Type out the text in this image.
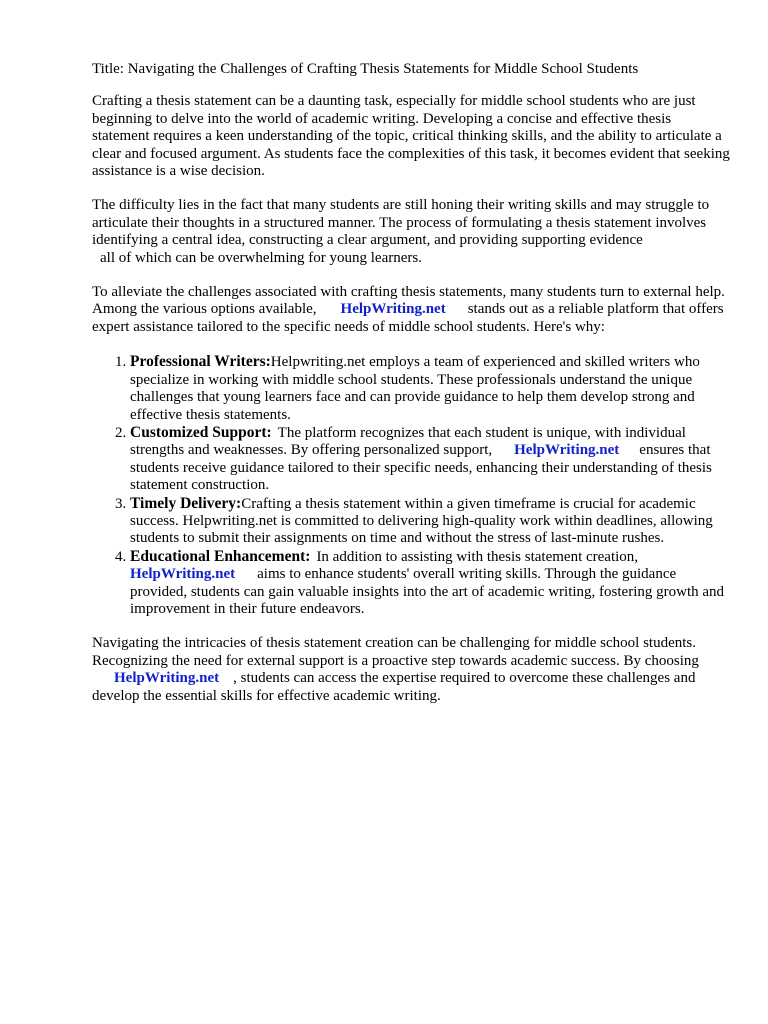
Title: Navigating the Challenges of Crafting Thesis Statements for Middle School Students

Crafting a thesis statement can be a daunting task, especially for middle school students who are just beginning to delve into the world of academic writing. Developing a concise and effective thesis statement requires a keen understanding of the topic, critical thinking skills, and the ability to articulate a clear and focused argument. As students face the complexities of this task, it becomes evident that seeking assistance is a wise decision.

The difficulty lies in the fact that many students are still honing their writing skills and may struggle to articulate their thoughts in a structured manner. The process of formulating a thesis statement involves identifying a central idea, constructing a clear argument, and providing supporting evidence
all of which can be overwhelming for young learners.

To alleviate the challenges associated with crafting thesis statements, many students turn to external help. Among the various options available, HelpWriting.net stands out as a reliable platform that offers expert assistance tailored to the specific needs of middle school students. Here's why:

1. Professional Writers:Helpwriting.net employs a team of experienced and skilled writers who specialize in working with middle school students. These professionals understand the unique challenges that young learners face and can provide guidance to help them develop strong and effective thesis statements.
2. Customized Support: The platform recognizes that each student is unique, with individual strengths and weaknesses. By offering personalized support, HelpWriting.net ensures that students receive guidance tailored to their specific needs, enhancing their understanding of thesis statement construction.
3. Timely Delivery:Crafting a thesis statement within a given timeframe is crucial for academic success. Helpwriting.net is committed to delivering high-quality work within deadlines, allowing students to submit their assignments on time and without the stress of last-minute rushes.
4. Educational Enhancement: In addition to assisting with thesis statement creation,
HelpWriting.net aims to enhance students' overall writing skills. Through the guidance provided, students can gain valuable insights into the art of academic writing, fostering growth and improvement in their future endeavors.

Navigating the intricacies of thesis statement creation can be challenging for middle school students. Recognizing the need for external support is a proactive step towards academic success. By choosing
HelpWriting.net , students can access the expertise required to overcome these challenges and develop the essential skills for effective academic writing.
